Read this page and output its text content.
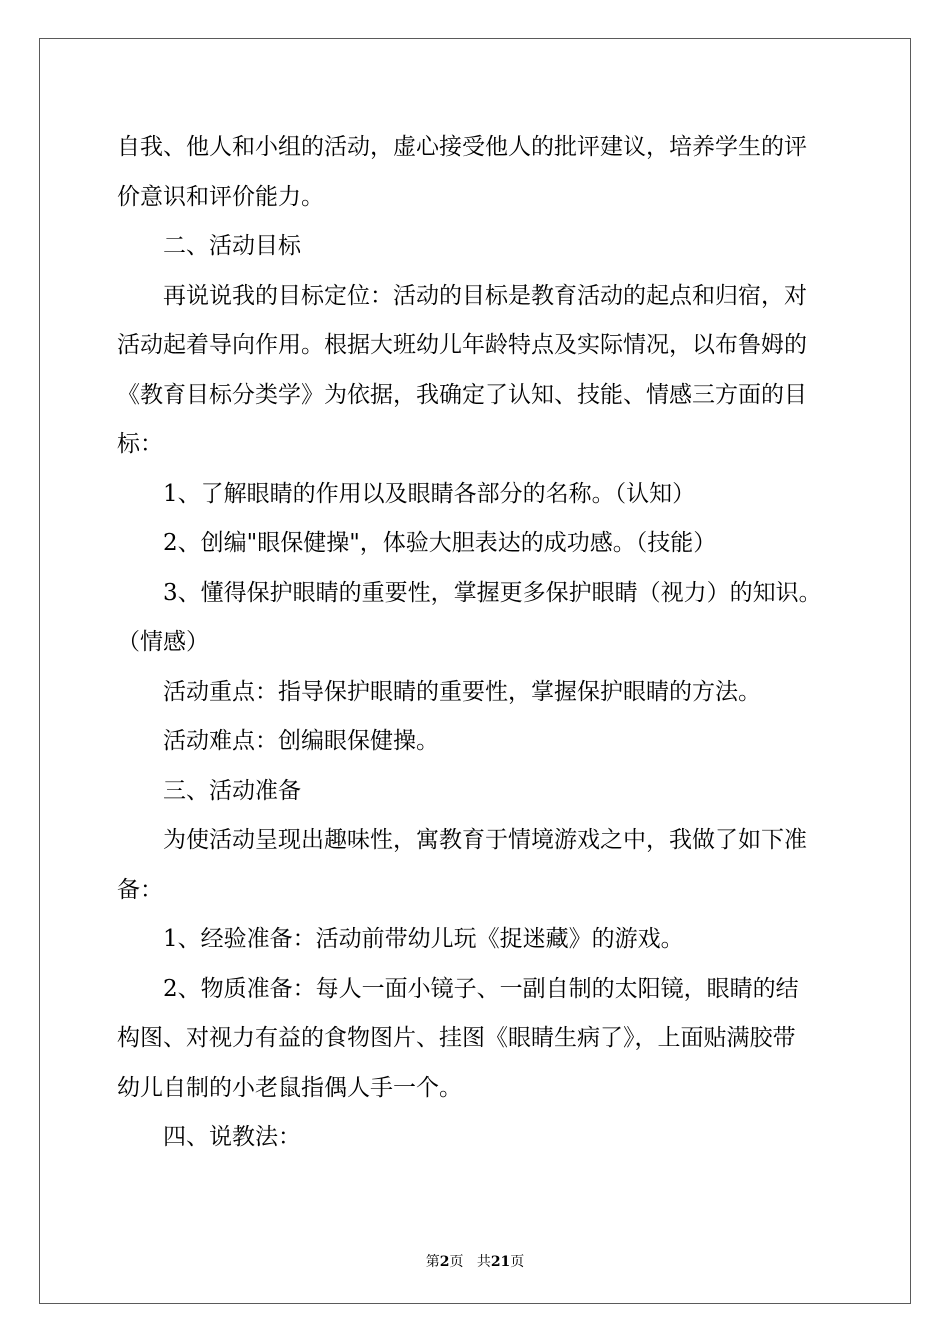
自我、他人和小组的活动，虚心接受他人的批评建议，培养学生的评

价意识和评价能力。

二、活动目标

再说说我的目标定位：活动的目标是教育活动的起点和归宿，对

活动起着导向作用。根据大班幼儿年龄特点及实际情况，以布鲁姆的

《教育目标分类学》为依据，我确定了认知、技能、情感三方面的目

标：

1、了解眼睛的作用以及眼睛各部分的名称。（认知）

2、创编"眼保健操"，体验大胆表达的成功感。（技能）

3、懂得保护眼睛的重要性，掌握更多保护眼睛（视力）的知识。

（情感）

活动重点：指导保护眼睛的重要性，掌握保护眼睛的方法。

活动难点：创编眼保健操。

三、活动准备

为使活动呈现出趣味性，寓教育于情境游戏之中，我做了如下准

备：

1、经验准备：活动前带幼儿玩《捉迷藏》的游戏。

2、物质准备：每人一面小镜子、一副自制的太阳镜，眼睛的结

构图、对视力有益的食物图片、挂图《眼睛生病了》，上面贴满胶带

幼儿自制的小老鼠指偶人手一个。

四、说教法：

第2页 共21页
